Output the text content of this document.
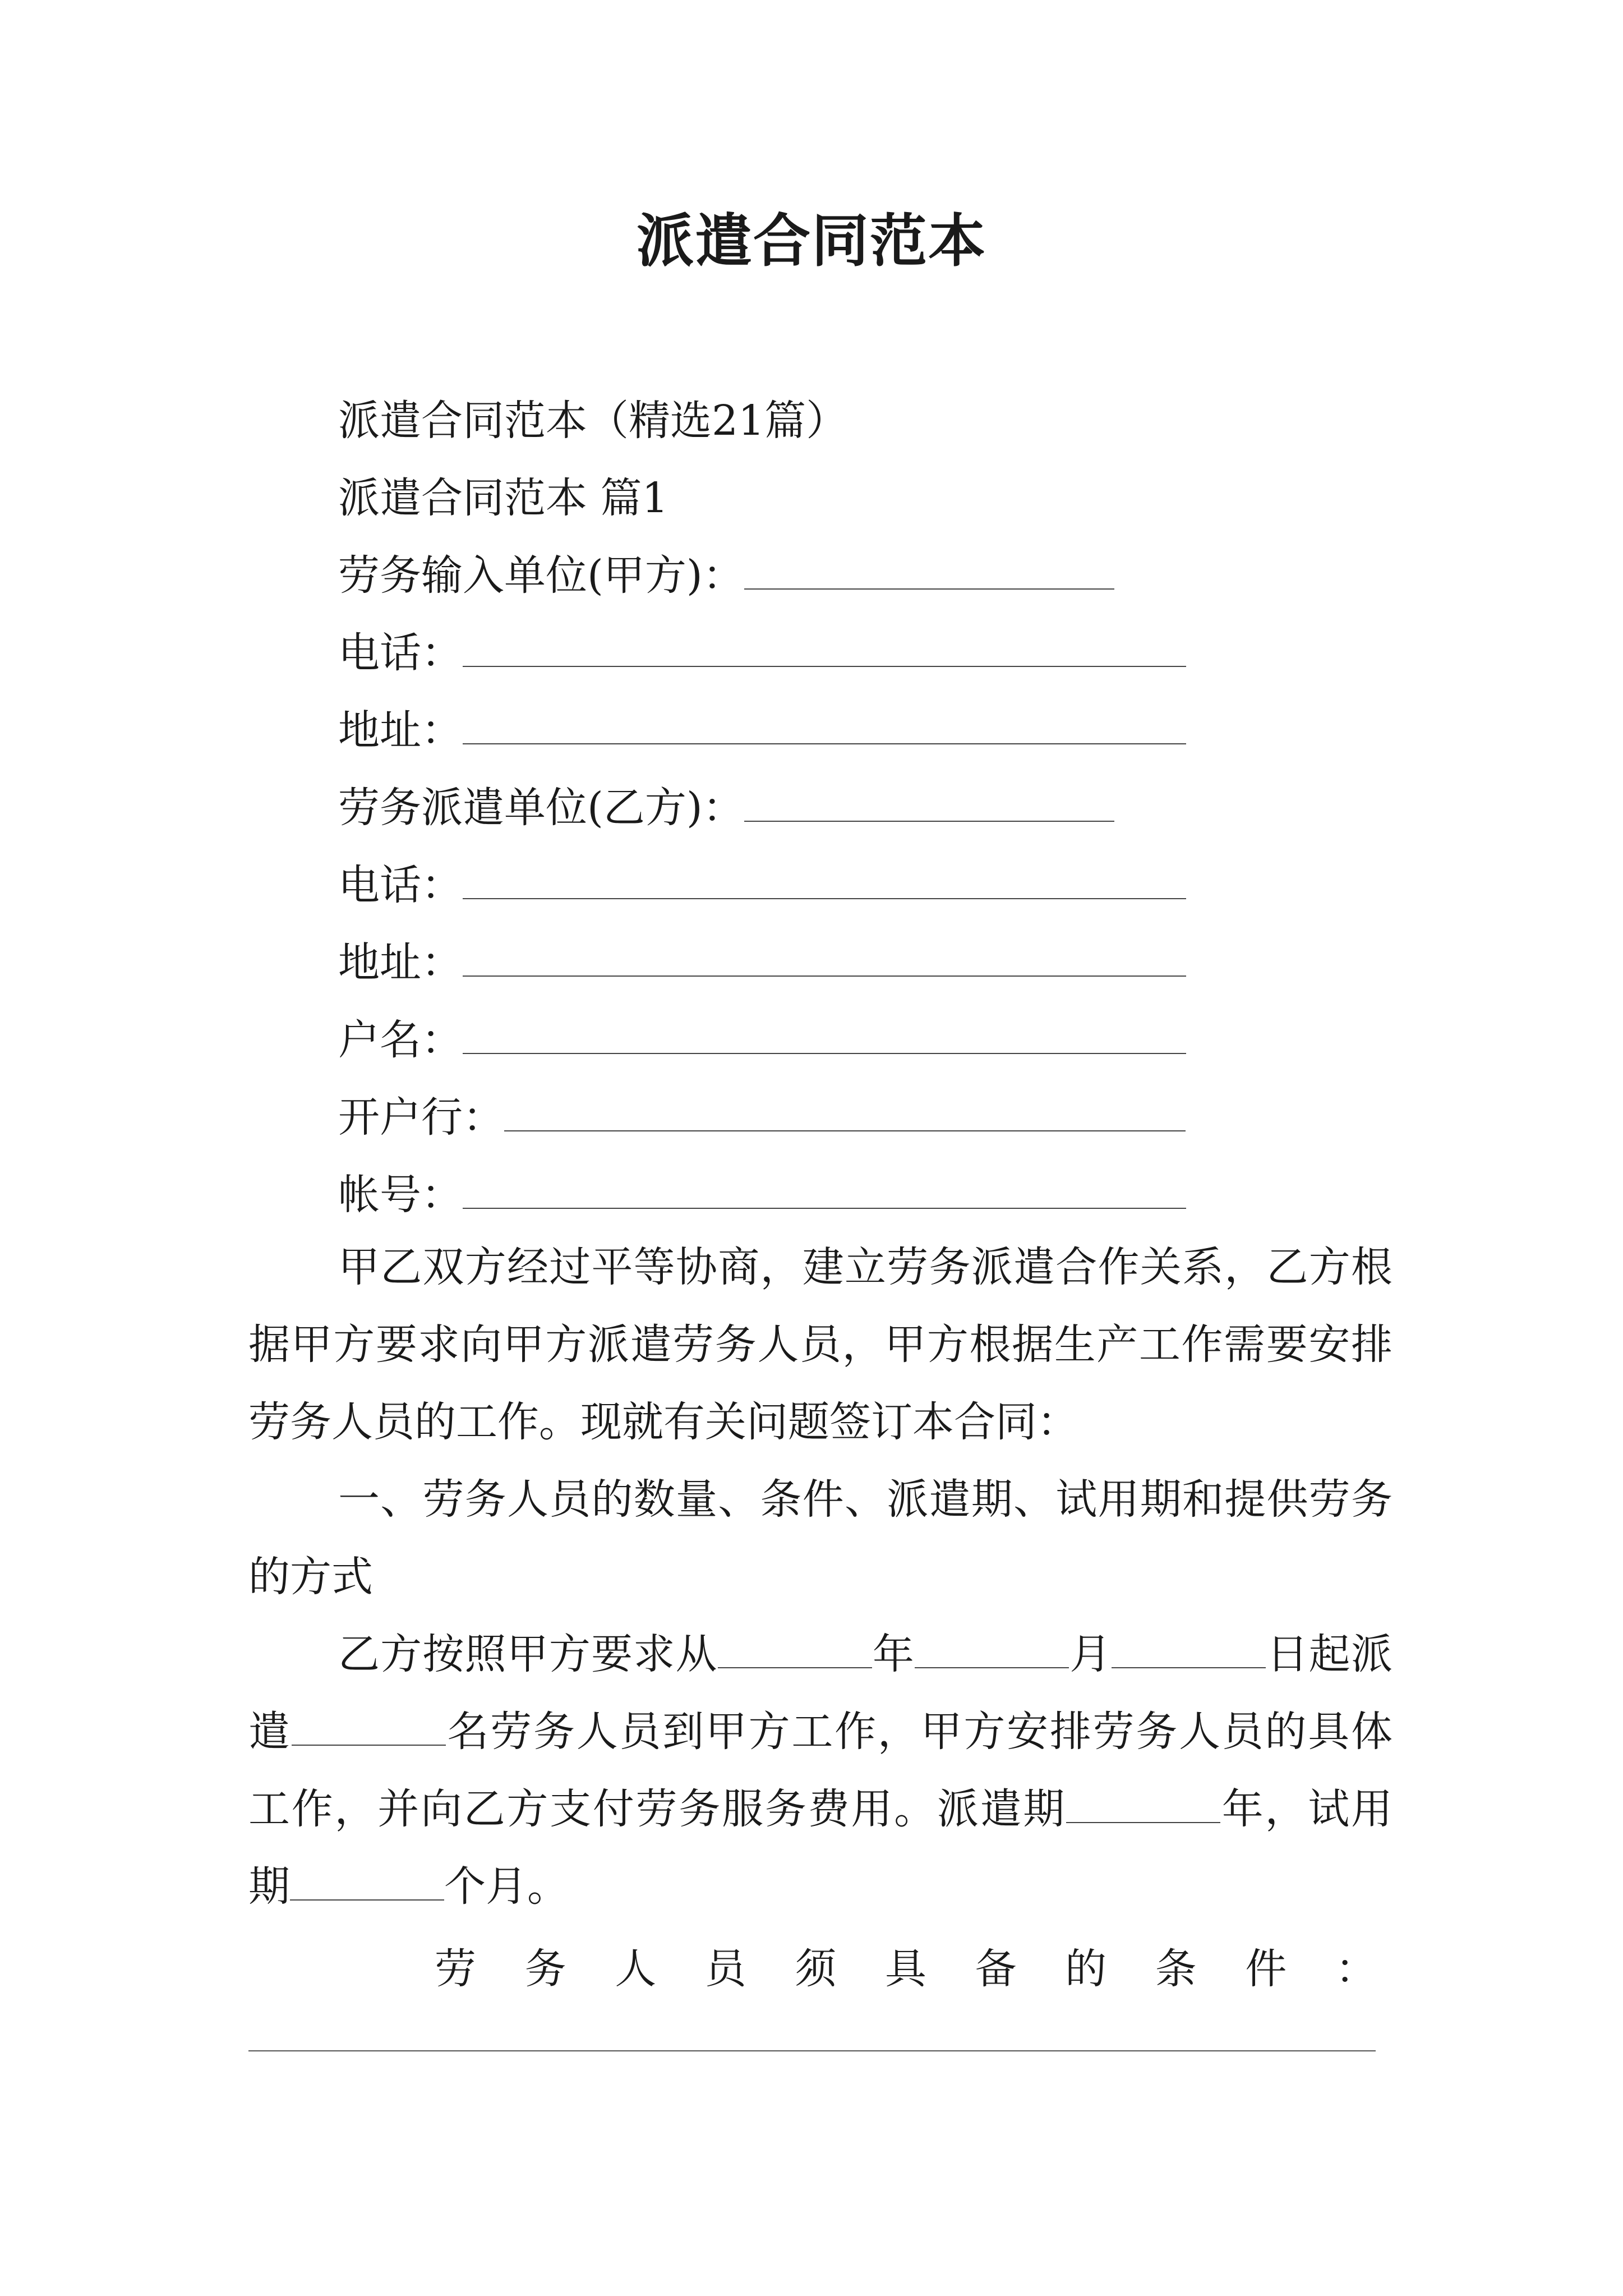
派遣合同范本
派遣合同范本（精选21篇）
派遣合同范本 篇1
劳务输入单位(甲方)：
电话：
地址：
劳务派遣单位(乙方)：
电话：
地址：
户名：
开户行：
帐号：
甲乙双方经过平等协商，建立劳务派遣合作关系，乙方根据甲方要求向甲方派遣劳务人员，甲方根据生产工作需要安排劳务人员的工作。现就有关问题签订本合同：
一、劳务人员的数量、条件、派遣期、试用期和提供劳务的方式
乙方按照甲方要求从	年	月	日起派遣	名劳务人员到甲方工作，甲方安排劳务人员的具体工作，并向乙方支付劳务服务费用。派遣期	年，试用期	个月。
劳 务 人 员 须 具 备 的 条 件 ：
